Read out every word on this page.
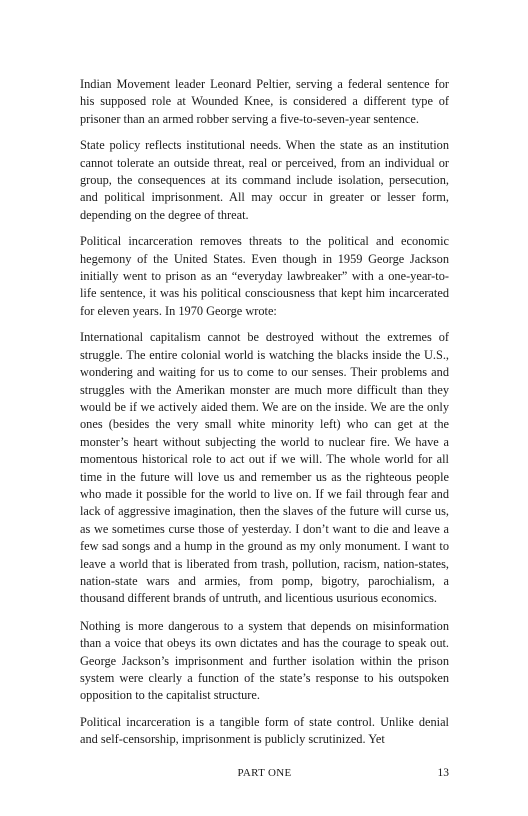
Indian Movement leader Leonard Peltier, serving a federal sentence for his supposed role at Wounded Knee, is considered a different type of prisoner than an armed robber serving a five-to-seven-year sentence.

State policy reflects institutional needs. When the state as an institution cannot tolerate an outside threat, real or perceived, from an individual or group, the consequences at its command include isolation, persecution, and political imprisonment. All may occur in greater or lesser form, depending on the degree of threat.

Political incarceration removes threats to the political and economic hegemony of the United States. Even though in 1959 George Jackson initially went to prison as an “everyday lawbreaker” with a one-year-to-life sentence, it was his political consciousness that kept him incarcerated for eleven years. In 1970 George wrote:

International capitalism cannot be destroyed without the extremes of struggle. The entire colonial world is watching the blacks inside the U.S., wondering and waiting for us to come to our senses. Their problems and struggles with the Amerikan monster are much more difficult than they would be if we actively aided them. We are on the inside. We are the only ones (besides the very small white minority left) who can get at the monster’s heart without subjecting the world to nuclear fire. We have a momentous historical role to act out if we will. The whole world for all time in the future will love us and remember us as the righteous people who made it possible for the world to live on. If we fail through fear and lack of aggressive imagination, then the slaves of the future will curse us, as we sometimes curse those of yesterday. I don’t want to die and leave a few sad songs and a hump in the ground as my only monument. I want to leave a world that is liberated from trash, pollution, racism, nation-states, nation-state wars and armies, from pomp, bigotry, parochialism, a thousand different brands of untruth, and licentious usurious economics.

Nothing is more dangerous to a system that depends on misinformation than a voice that obeys its own dictates and has the courage to speak out. George Jackson’s imprisonment and further isolation within the prison system were clearly a function of the state’s response to his outspoken opposition to the capitalist structure.

Political incarceration is a tangible form of state control. Unlike denial and self-censorship, imprisonment is publicly scrutinized. Yet

PART ONE	13
